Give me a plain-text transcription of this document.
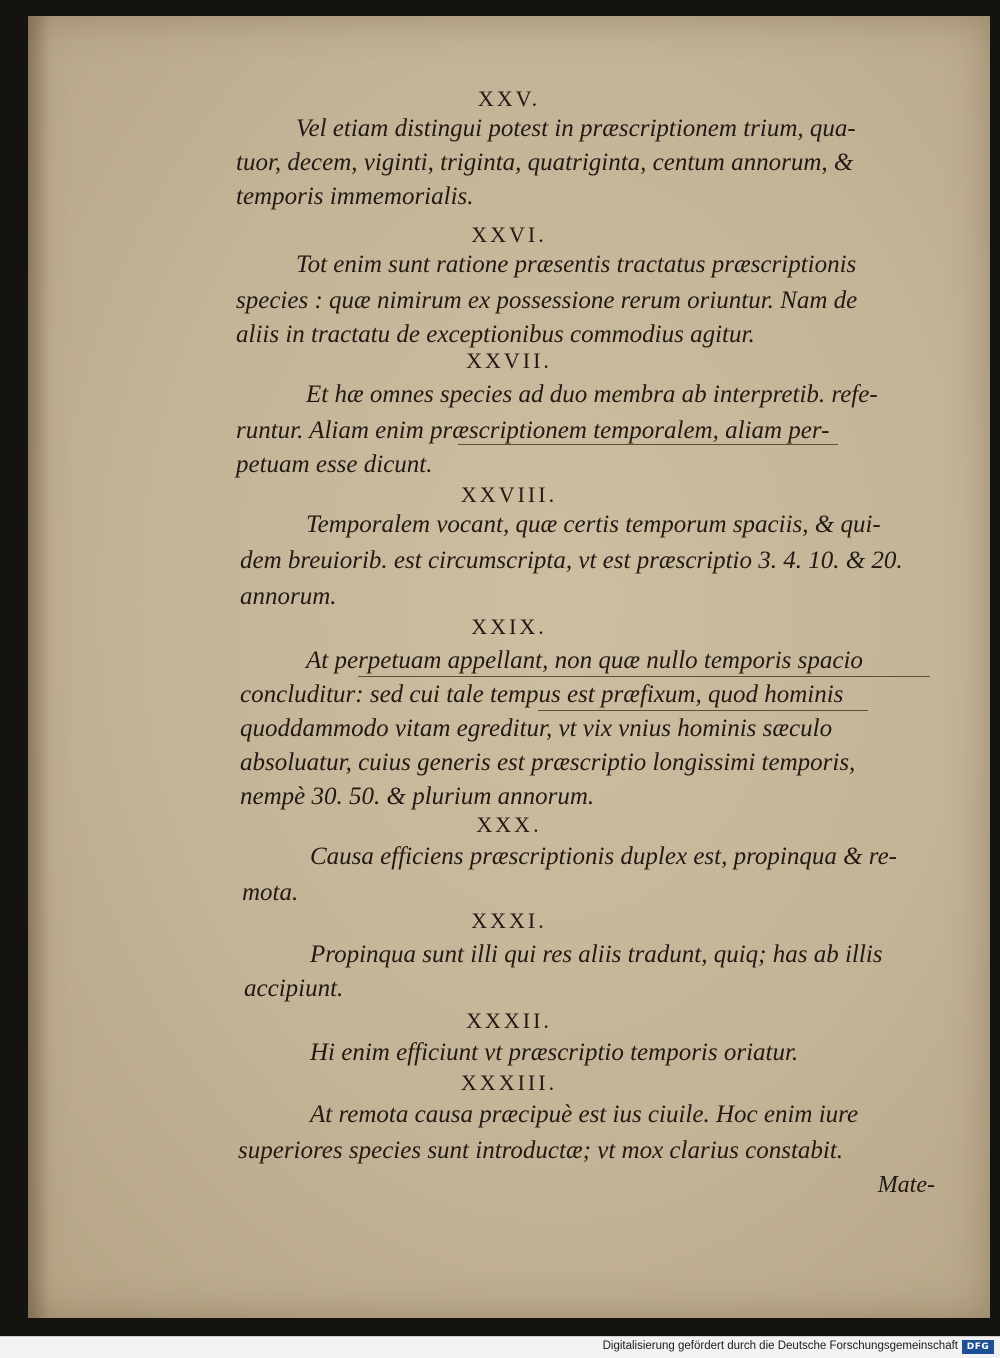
XXV.
Vel etiam distingui potest in præscriptionem trium, qua-
tuor, decem, viginti, triginta, quatriginta, centum annorum, &
temporis immemorialis.
XXVI.
Tot enim sunt ratione præsentis tractatus præscriptionis
species : quæ nimirum ex possessione rerum oriuntur. Nam de
aliis in tractatu de exceptionibus commodius agitur.
XXVII.
Et hæ omnes species ad duo membra ab interpretib. refe-
runtur. Aliam enim præscriptionem temporalem, aliam per-
petuam esse dicunt.
XXVIII.
Temporalem vocant, quæ certis temporum spaciis, & qui-
dem breuiorib. est circumscripta, vt est præscriptio 3. 4. 10. & 20.
annorum.
XXIX.
At perpetuam appellant, non quæ nullo temporis spacio
concluditur: sed cui tale tempus est præfixum, quod hominis
quoddammodo vitam egreditur, vt vix vnius hominis sæculo
absoluatur, cuius generis est præscriptio longissimi temporis,
nempè 30. 50. & plurium annorum.
XXX.
Causa efficiens præscriptionis duplex est, propinqua & re-
mota.
XXXI.
Propinqua sunt illi qui res aliis tradunt, quiq; has ab illis
accipiunt.
XXXII.
Hi enim efficiunt vt præscriptio temporis oriatur.
XXXIII.
At remota causa præcipuè est ius ciuile. Hoc enim iure
superiores species sunt introductæ; vt mox clarius constabit.
Mate-
Digitalisierung gefördert durch die Deutsche Forschungsgemeinschaft DFG
